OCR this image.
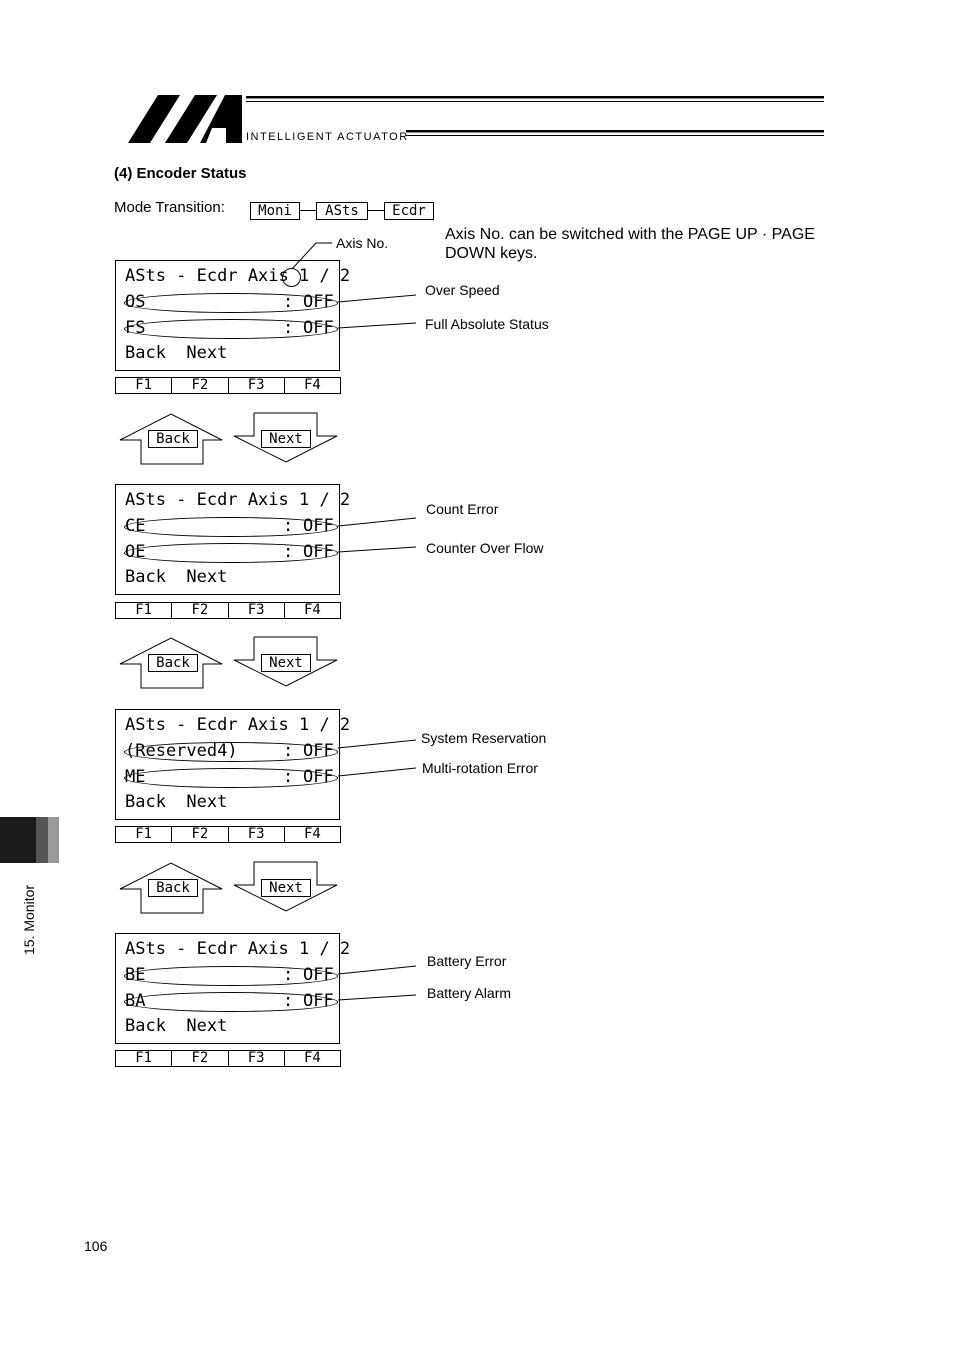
INTELLIGENT ACTUATOR
(4) Encoder Status
Mode Transition:	Moni	ASts	Ecdr
Axis No. can be switched with the PAGE UP · PAGE DOWN keys.
Axis No.
ASts - Ecdr Axis 1 / 2
OS	: OFF
FS	: OFF
Back  Next
F1	F2	F3	F4
Over Speed
Full Absolute Status
Back	Next
ASts - Ecdr Axis 1 / 2
CE	: OFF
OE	: OFF
Back  Next
F1	F2	F3	F4
Count Error
Counter Over Flow
Back	Next
ASts - Ecdr Axis 1 / 2
(Reserved4)	: OFF
ME	: OFF
Back  Next
F1	F2	F3	F4
System Reservation
Multi-rotation Error
Back	Next
ASts - Ecdr Axis 1 / 2
BE	: OFF
BA	: OFF
Back  Next
F1	F2	F3	F4
Battery Error
Battery Alarm
15. Monitor
106
